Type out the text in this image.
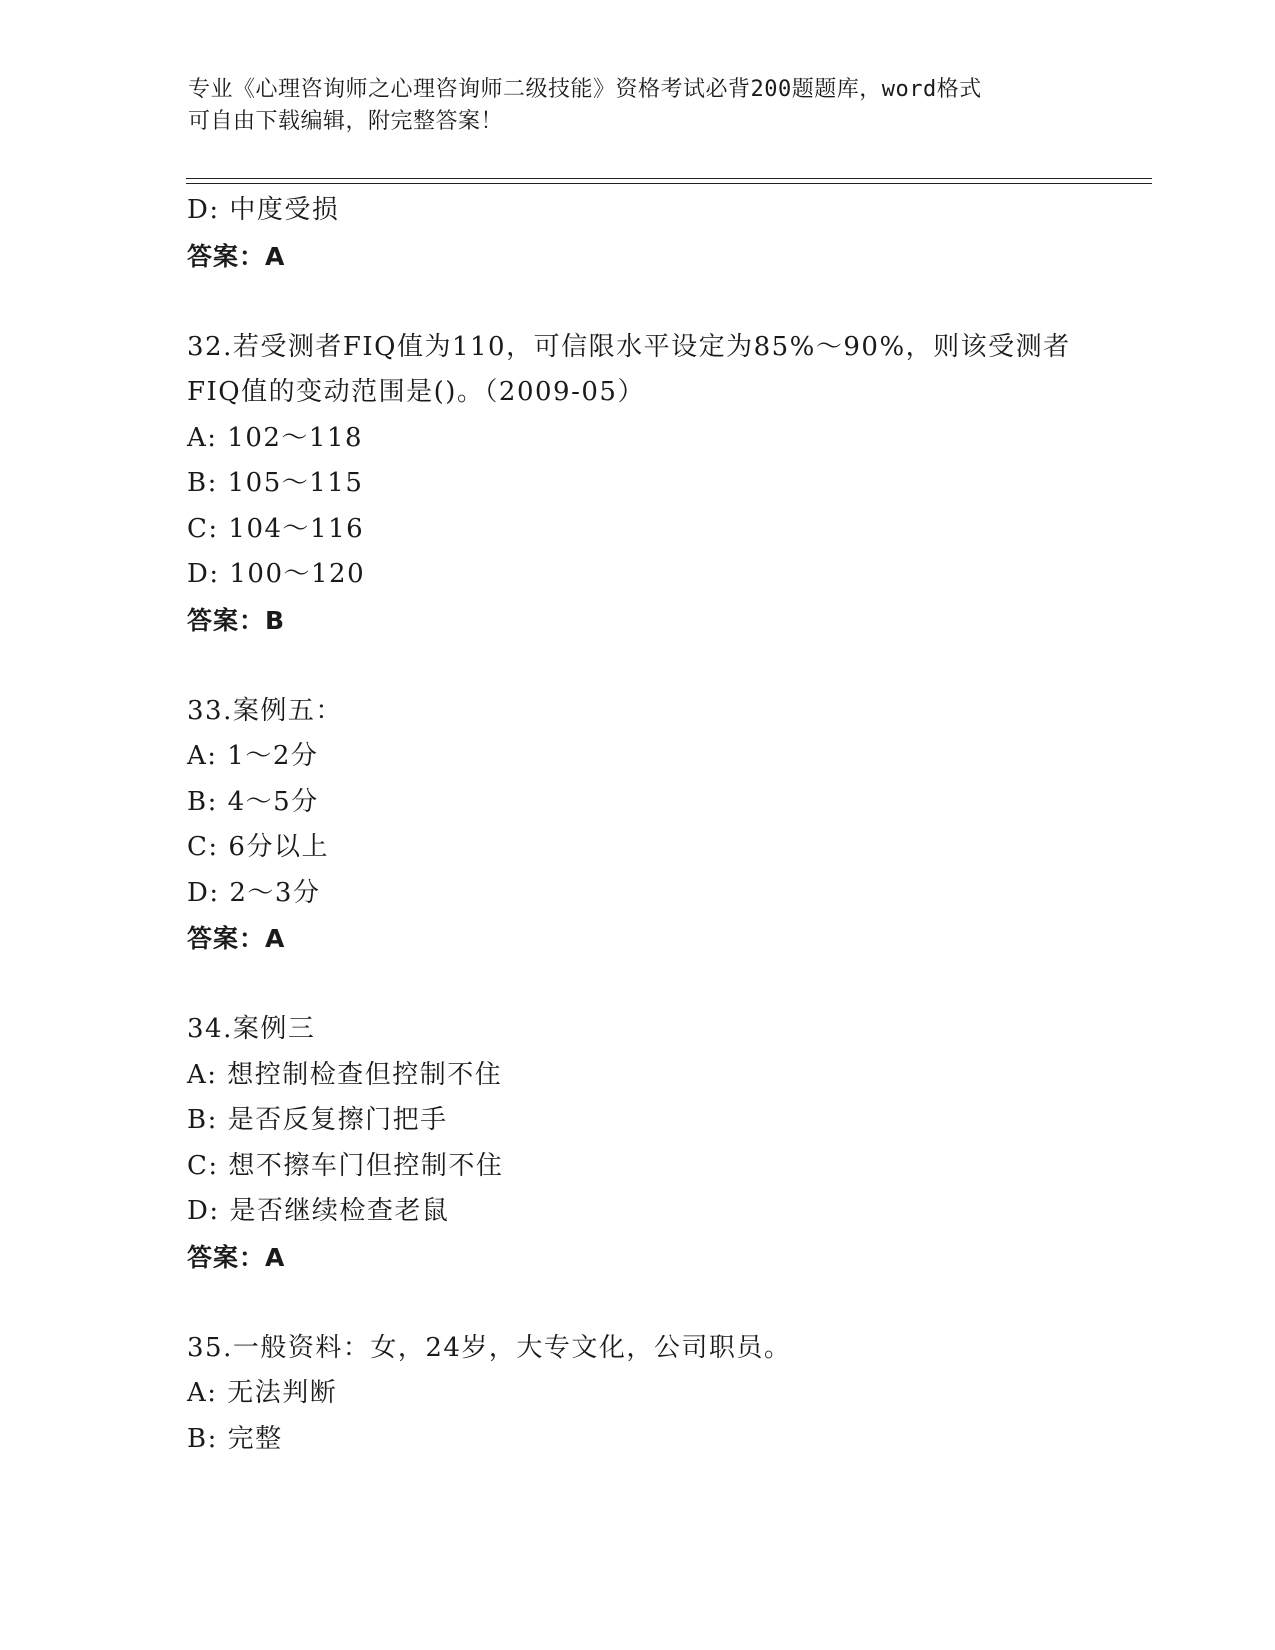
专业《心理咨询师之心理咨询师二级技能》资格考试必背200题题库，word格式
可自由下载编辑，附完整答案！
D: 中度受损
答案：A
32.若受测者FIQ值为110，可信限水平设定为85%～90%，则该受测者
FIQ值的变动范围是()。（2009-05）
A: 102～118
B: 105～115
C: 104～116
D: 100～120
答案：B
33.案例五：
A: 1～2分
B: 4～5分
C: 6分以上
D: 2～3分
答案：A
34.案例三
A: 想控制检查但控制不住
B: 是否反复擦门把手
C: 想不擦车门但控制不住
D: 是否继续检查老鼠
答案：A
35.一般资料：女，24岁，大专文化，公司职员。
A: 无法判断
B: 完整
